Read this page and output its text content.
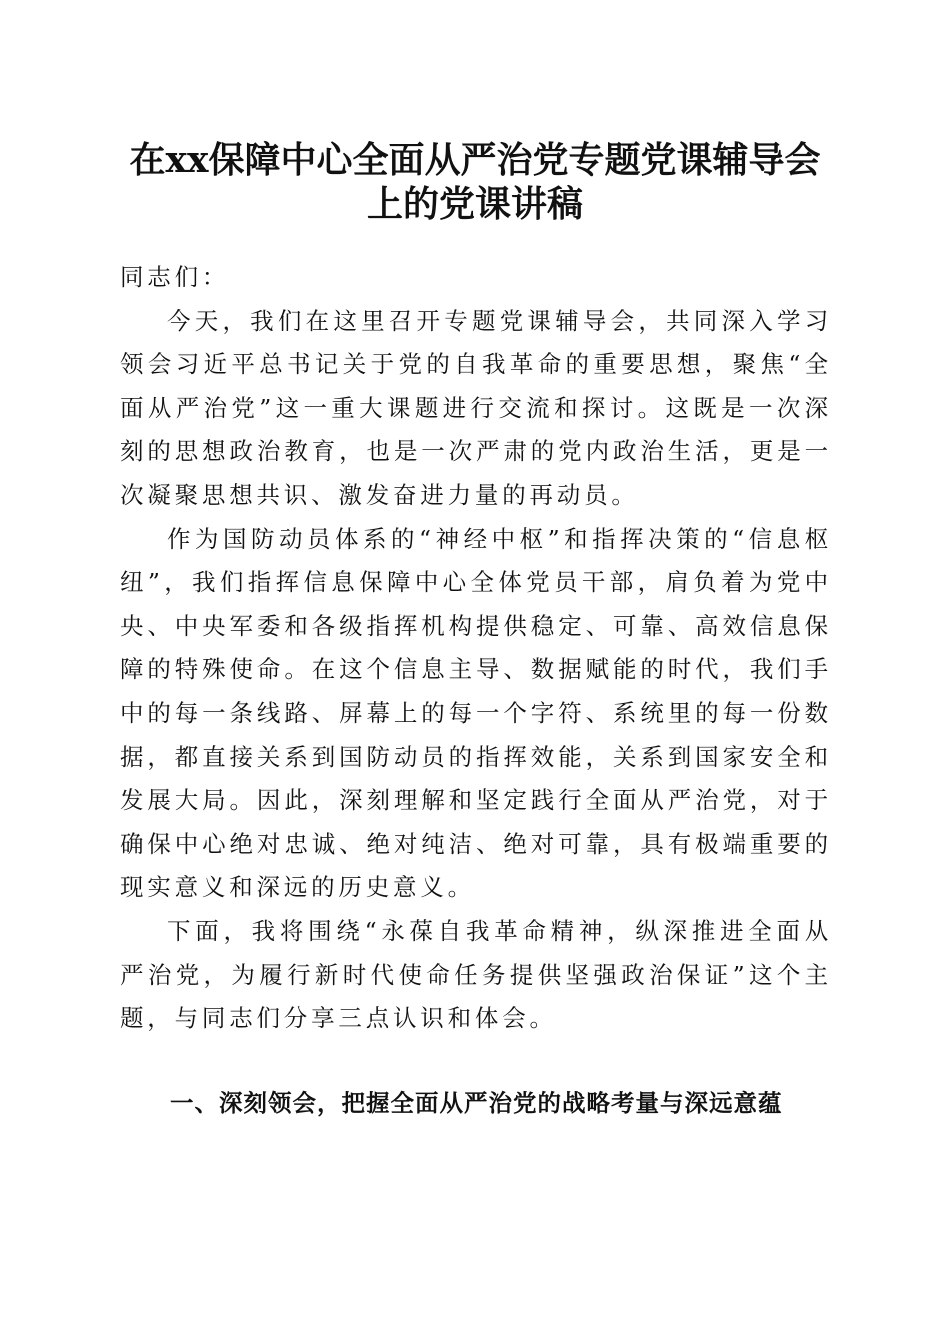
在xx保障中心全面从严治党专题党课辅导会
上的党课讲稿

同志们：

今天，我们在这里召开专题党课辅导会，共同深入学习领会习近平总书记关于党的自我革命的重要思想，聚焦“全面从严治党”这一重大课题进行交流和探讨。这既是一次深刻的思想政治教育，也是一次严肃的党内政治生活，更是一次凝聚思想共识、激发奋进力量的再动员。

作为国防动员体系的“神经中枢”和指挥决策的“信息枢纽”，我们指挥信息保障中心全体党员干部，肩负着为党中央、中央军委和各级指挥机构提供稳定、可靠、高效信息保障的特殊使命。在这个信息主导、数据赋能的时代，我们手中的每一条线路、屏幕上的每一个字符、系统里的每一份数据，都直接关系到国防动员的指挥效能，关系到国家安全和发展大局。因此，深刻理解和坚定践行全面从严治党，对于确保中心绝对忠诚、绝对纯洁、绝对可靠，具有极端重要的现实意义和深远的历史意义。

下面，我将围绕“永葆自我革命精神，纵深推进全面从严治党，为履行新时代使命任务提供坚强政治保证”这个主题，与同志们分享三点认识和体会。

一、深刻领会，把握全面从严治党的战略考量与深远意蕴
